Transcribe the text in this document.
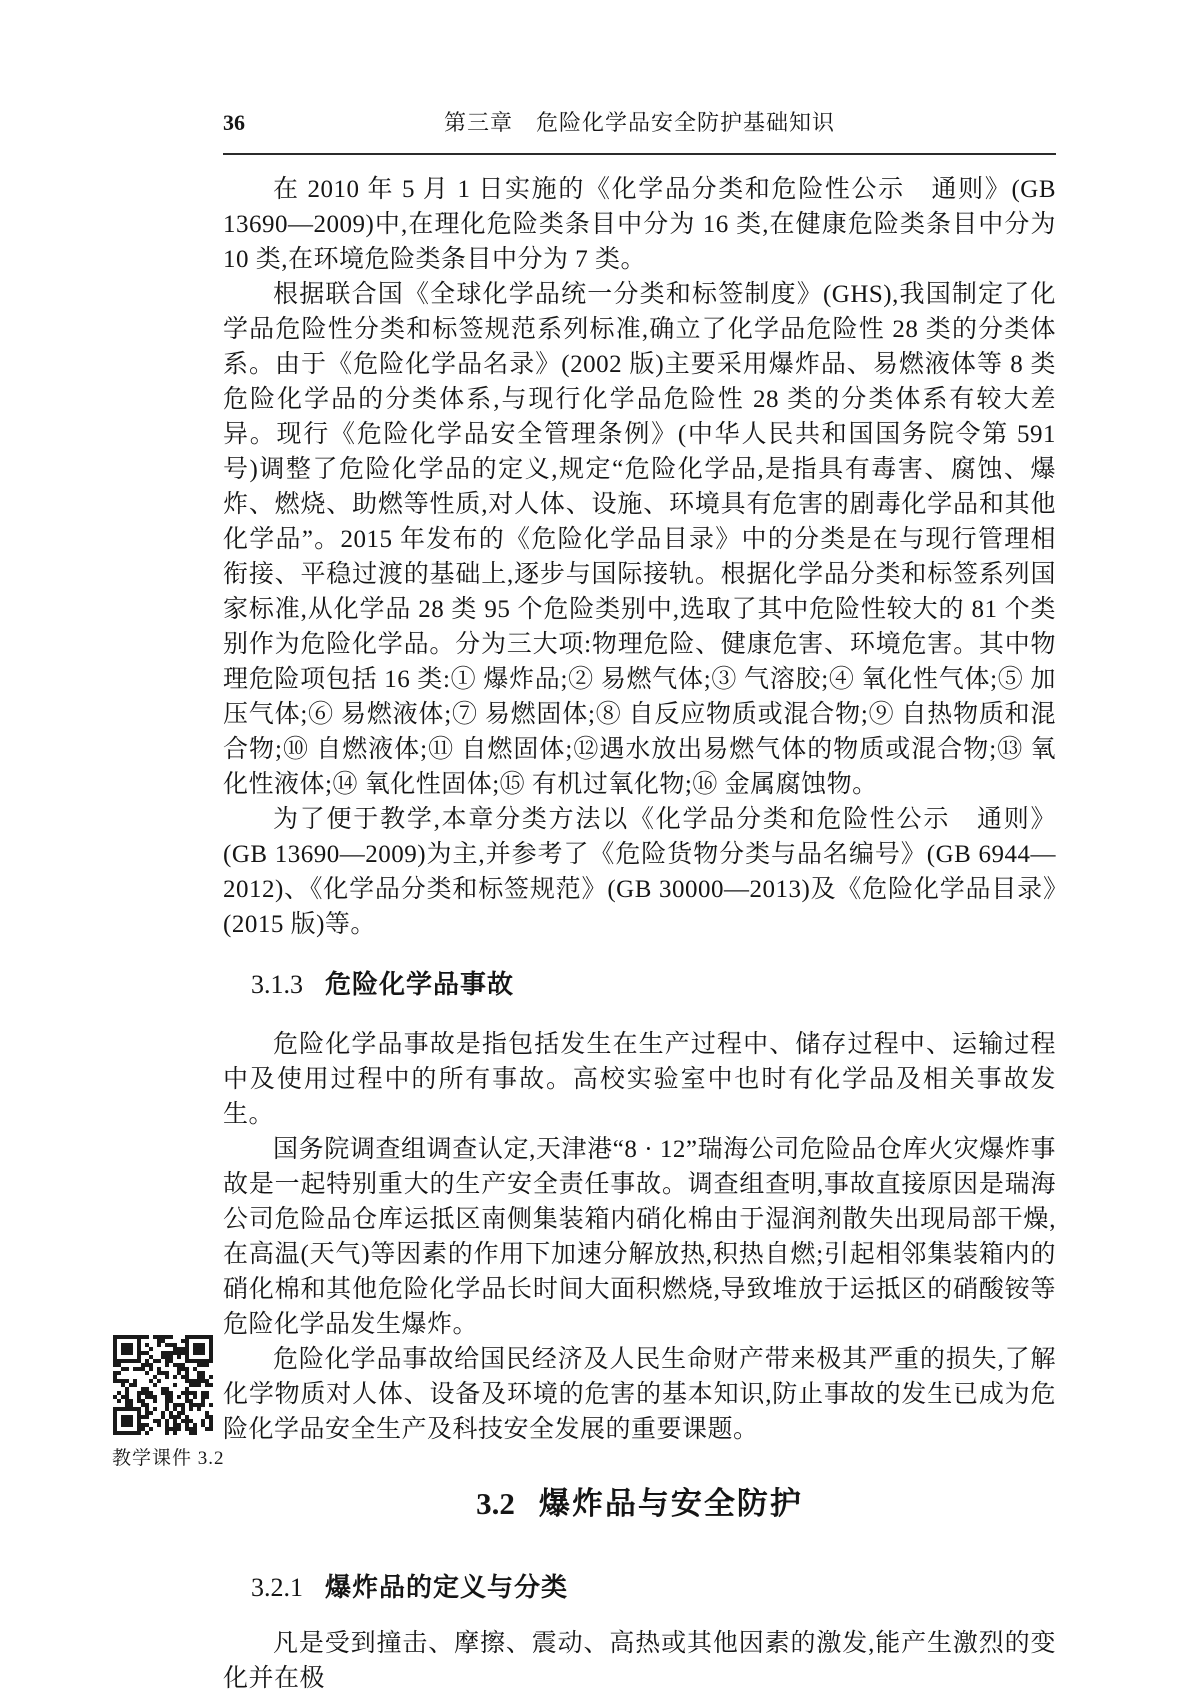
36	第三章　危险化学品安全防护基础知识

在 2010 年 5 月 1 日实施的《化学品分类和危险性公示　通则》(GB 13690—2009)中,在理化危险类条目中分为 16 类,在健康危险类条目中分为 10 类,在环境危险类条目中分为 7 类。

根据联合国《全球化学品统一分类和标签制度》(GHS),我国制定了化学品危险性分类和标签规范系列标准,确立了化学品危险性 28 类的分类体系。由于《危险化学品名录》(2002 版)主要采用爆炸品、易燃液体等 8 类危险化学品的分类体系,与现行化学品危险性 28 类的分类体系有较大差异。现行《危险化学品安全管理条例》(中华人民共和国国务院令第 591 号)调整了危险化学品的定义,规定“危险化学品,是指具有毒害、腐蚀、爆炸、燃烧、助燃等性质,对人体、设施、环境具有危害的剧毒化学品和其他化学品”。2015 年发布的《危险化学品目录》中的分类是在与现行管理相衔接、平稳过渡的基础上,逐步与国际接轨。根据化学品分类和标签系列国家标准,从化学品 28 类 95 个危险类别中,选取了其中危险性较大的 81 个类别作为危险化学品。分为三大项:物理危险、健康危害、环境危害。其中物理危险项包括 16 类:① 爆炸品;② 易燃气体;③ 气溶胶;④ 氧化性气体;⑤ 加压气体;⑥ 易燃液体;⑦ 易燃固体;⑧ 自反应物质或混合物;⑨ 自热物质和混合物;⑩ 自燃液体;⑪ 自燃固体;⑫遇水放出易燃气体的物质或混合物;⑬ 氧化性液体;⑭ 氧化性固体;⑮ 有机过氧化物;⑯ 金属腐蚀物。

为了便于教学,本章分类方法以《化学品分类和危险性公示　通则》(GB 13690—2009)为主,并参考了《危险货物分类与品名编号》(GB 6944—2012)、《化学品分类和标签规范》(GB 30000—2013)及《危险化学品目录》(2015 版)等。

3.1.3 危险化学品事故

危险化学品事故是指包括发生在生产过程中、储存过程中、运输过程中及使用过程中的所有事故。高校实验室中也时有化学品及相关事故发生。

国务院调查组调查认定,天津港“8 · 12”瑞海公司危险品仓库火灾爆炸事故是一起特别重大的生产安全责任事故。调查组查明,事故直接原因是瑞海公司危险品仓库运抵区南侧集装箱内硝化棉由于湿润剂散失出现局部干燥,在高温(天气)等因素的作用下加速分解放热,积热自燃;引起相邻集装箱内的硝化棉和其他危险化学品长时间大面积燃烧,导致堆放于运抵区的硝酸铵等危险化学品发生爆炸。

危险化学品事故给国民经济及人民生命财产带来极其严重的损失,了解化学物质对人体、设备及环境的危害的基本知识,防止事故的发生已成为危险化学品安全生产及科技安全发展的重要课题。

3.2 爆炸品与安全防护
3.2.1 爆炸品的定义与分类

凡是受到撞击、摩擦、震动、高热或其他因素的激发,能产生激烈的变化并在极

教学课件 3.2
